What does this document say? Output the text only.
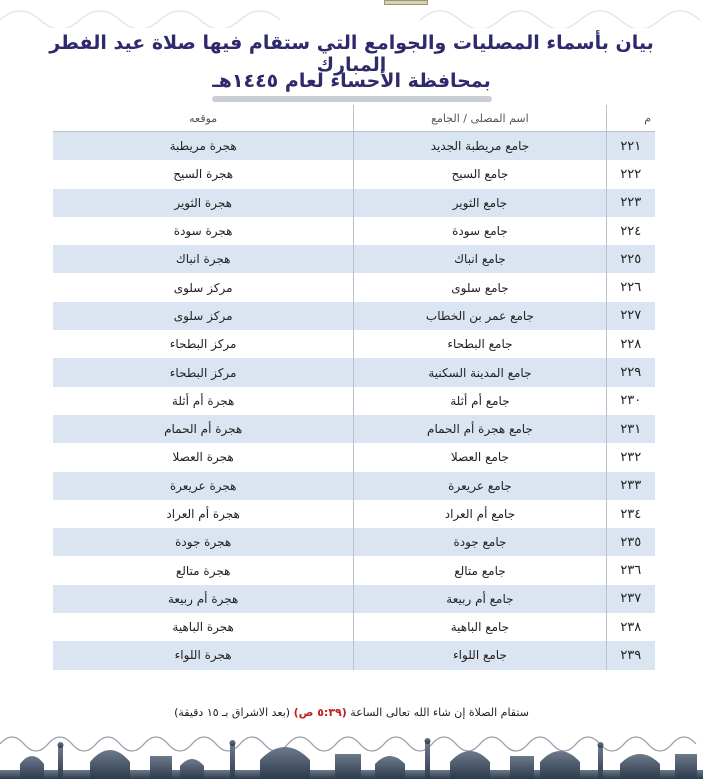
بيان بأسماء المصليات والجوامع التي ستقام فيها صلاة عيد الفطر المبارك
بمحافظة الأحساء لعام ١٤٤٥هـ
م	اسم المصلى / الجامع	موقعه
٢٢١	جامع مريطبة الجديد	هجرة مريطبة
٢٢٢	جامع السيح	هجرة السيح
٢٢٣	جامع الثوير	هجرة الثوير
٢٢٤	جامع سودة	هجرة سودة
٢٢٥	جامع انباك	هجرة انباك
٢٢٦	جامع سلوى	مركز سلوى
٢٢٧	جامع عمر بن الخطاب	مركز سلوى
٢٢٨	جامع البطحاء	مركز البطحاء
٢٢٩	جامع المدينة السكنية	مركز البطحاء
٢٣٠	جامع أم أثلة	هجرة أم أثلة
٢٣١	جامع هجرة أم الحمام	هجرة أم الحمام
٢٣٢	جامع العصلا	هجرة العصلا
٢٣٣	جامع عريعرة	هجرة عريعرة
٢٣٤	جامع أم العراد	هجرة أم العراد
٢٣٥	جامع جودة	هجرة جودة
٢٣٦	جامع متالع	هجرة متالع
٢٣٧	جامع أم ربيعة	هجرة أم ربيعة
٢٣٨	جامع الباهية	هجرة الباهية
٢٣٩	جامع اللواء	هجرة اللواء
ستقام الصلاة إن شاء الله تعالى الساعة (٥:٣٩ ص) (بعد الاشراق بـ ١٥ دقيقة)
